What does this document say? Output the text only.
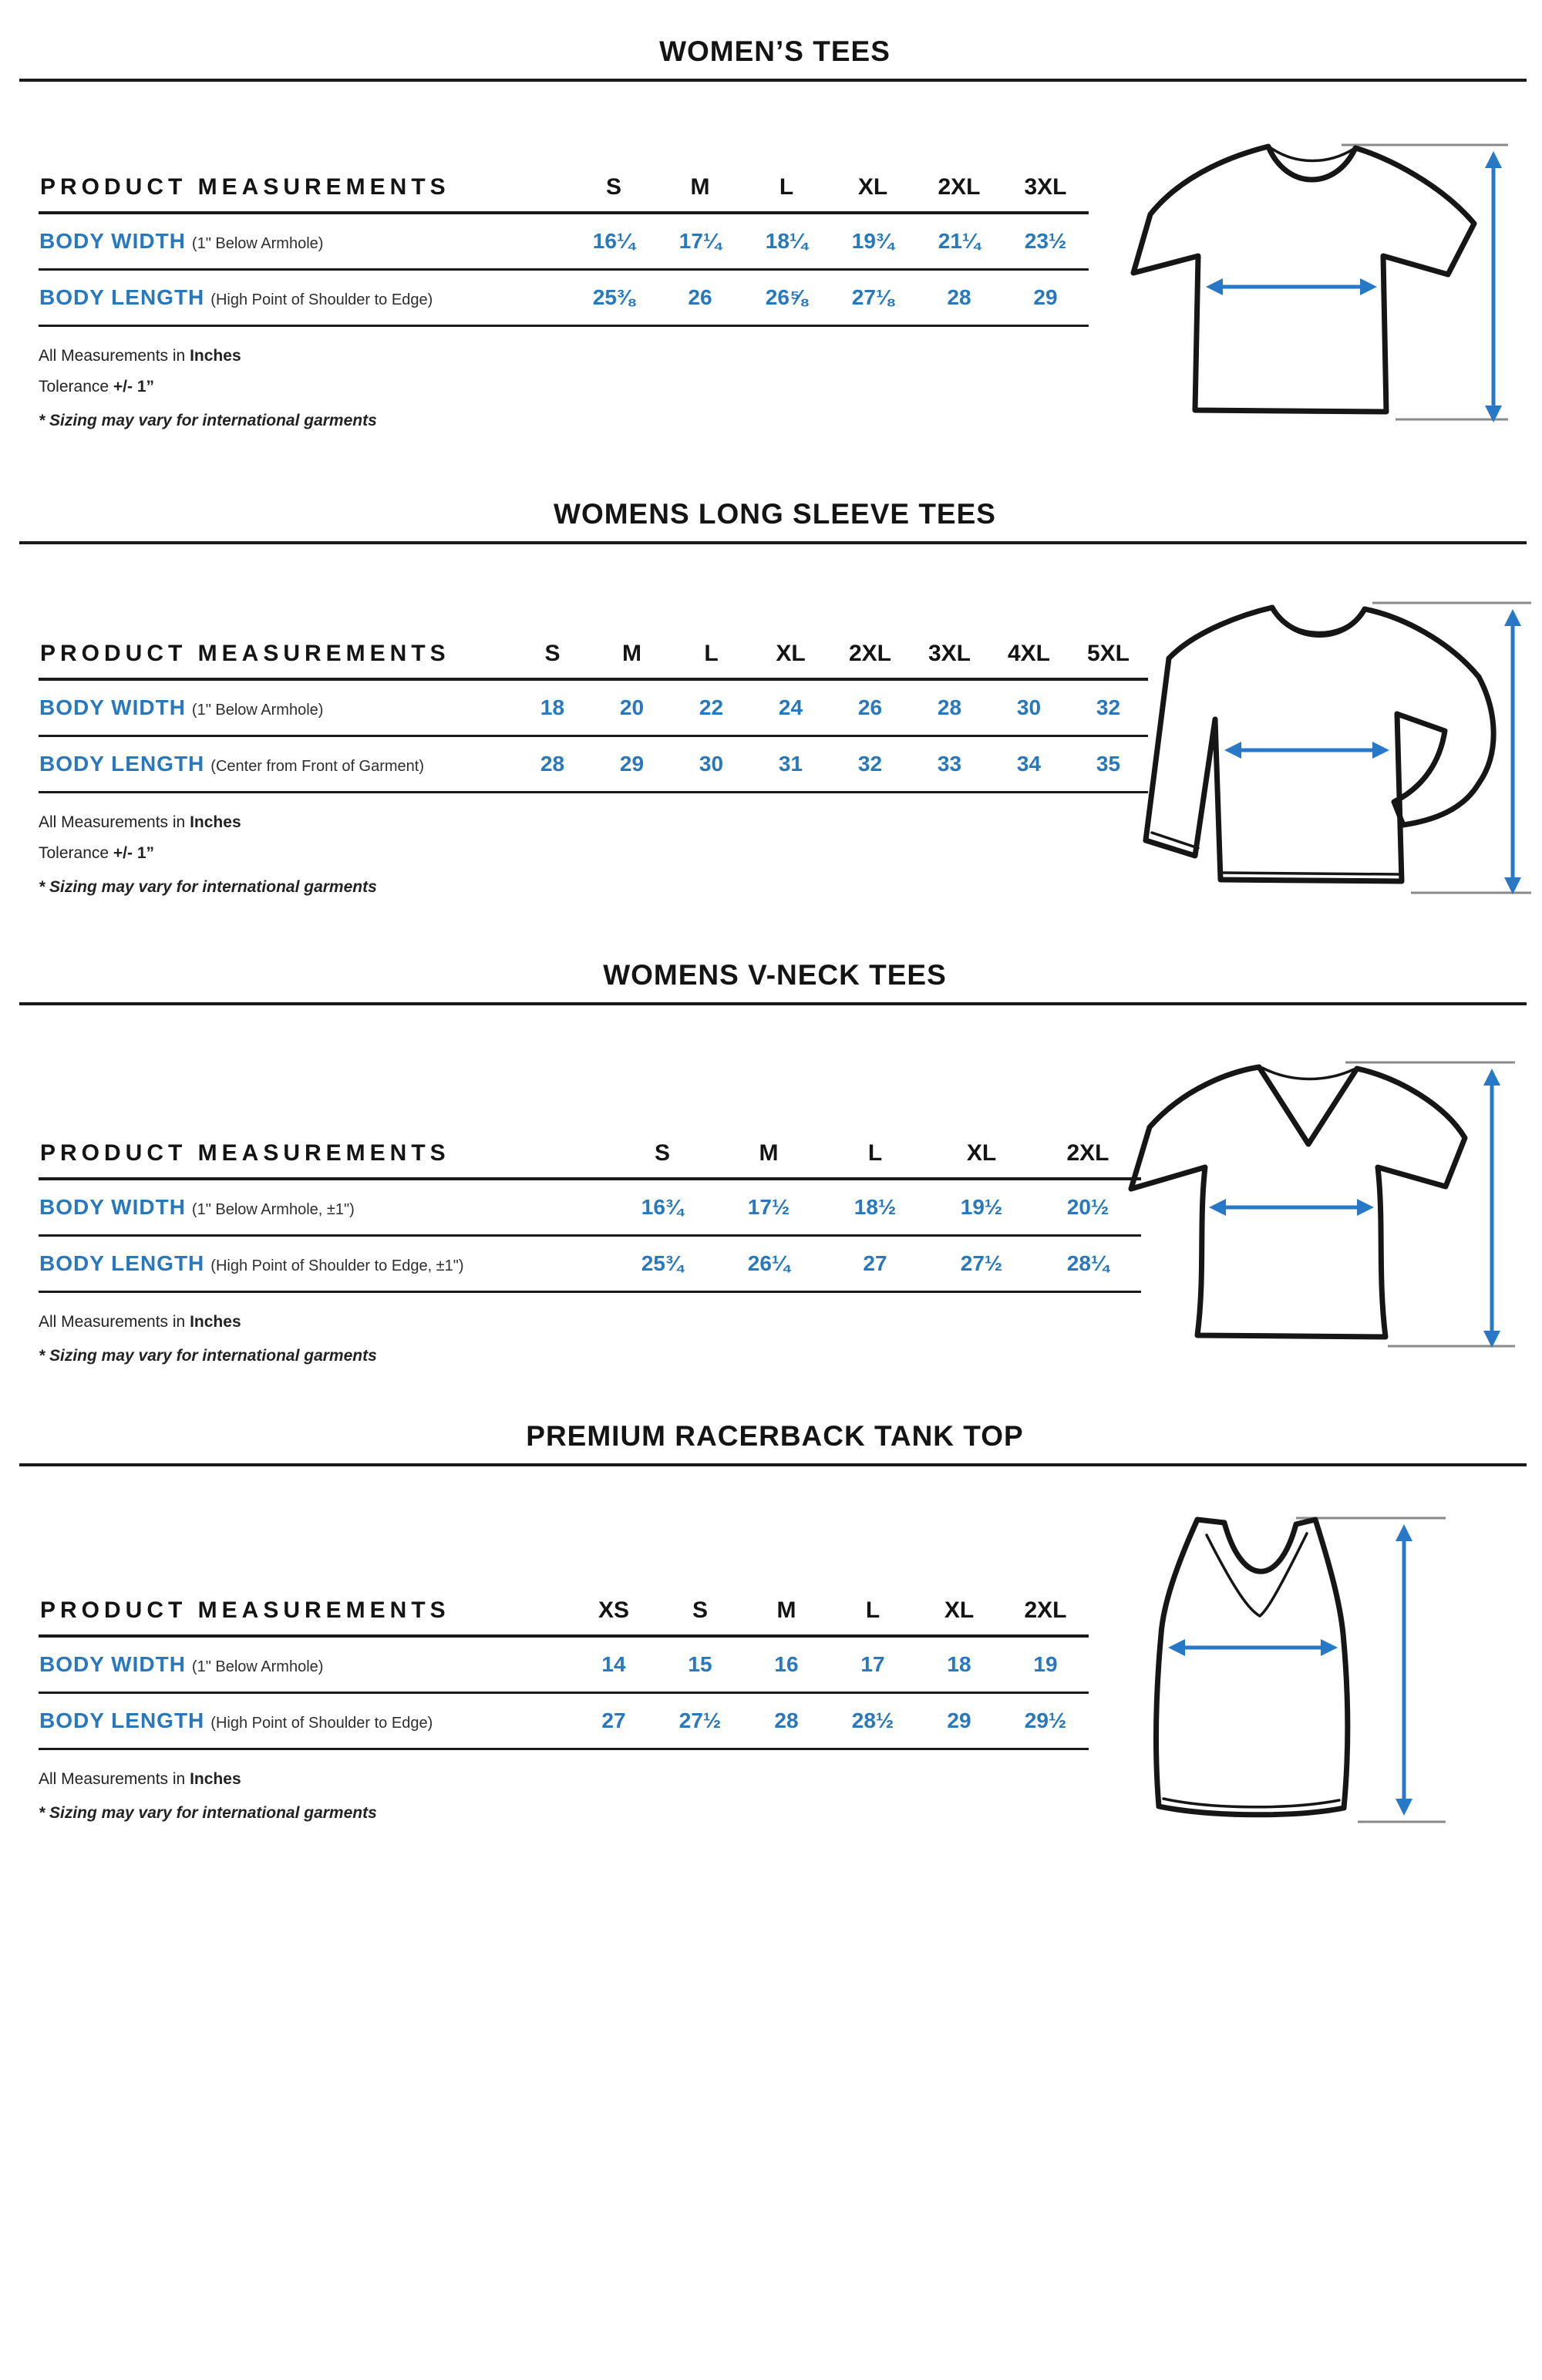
WOMEN’S TEES
PRODUCT MEASUREMENTS	S	M	L	XL	2XL	3XL
BODY WIDTH (1" Below Armhole)	16¼	17¼	18¼	19¾	21¼	23½
BODY LENGTH (High Point of Shoulder to Edge)	25⅜	26	26⅝	27⅛	28	29

All Measurements in Inches

Tolerance +/- 1”

* Sizing may vary for international garments

WOMENS LONG SLEEVE TEES
PRODUCT MEASUREMENTS	S	M	L	XL	2XL	3XL	4XL	5XL
BODY WIDTH (1" Below Armhole)	18	20	22	24	26	28	30	32
BODY LENGTH (Center from Front of Garment)	28	29	30	31	32	33	34	35

All Measurements in Inches

Tolerance +/- 1”

* Sizing may vary for international garments

WOMENS V-NECK TEES
PRODUCT MEASUREMENTS	S	M	L	XL	2XL
BODY WIDTH (1" Below Armhole, ±1")	16¾	17½	18½	19½	20½
BODY LENGTH (High Point of Shoulder to Edge, ±1")	25¾	26¼	27	27½	28¼

All Measurements in Inches

* Sizing may vary for international garments

PREMIUM RACERBACK TANK TOP
PRODUCT MEASUREMENTS	XS	S	M	L	XL	2XL
BODY WIDTH (1" Below Armhole)	14	15	16	17	18	19
BODY LENGTH (High Point of Shoulder to Edge)	27	27½	28	28½	29	29½

All Measurements in Inches

* Sizing may vary for international garments
